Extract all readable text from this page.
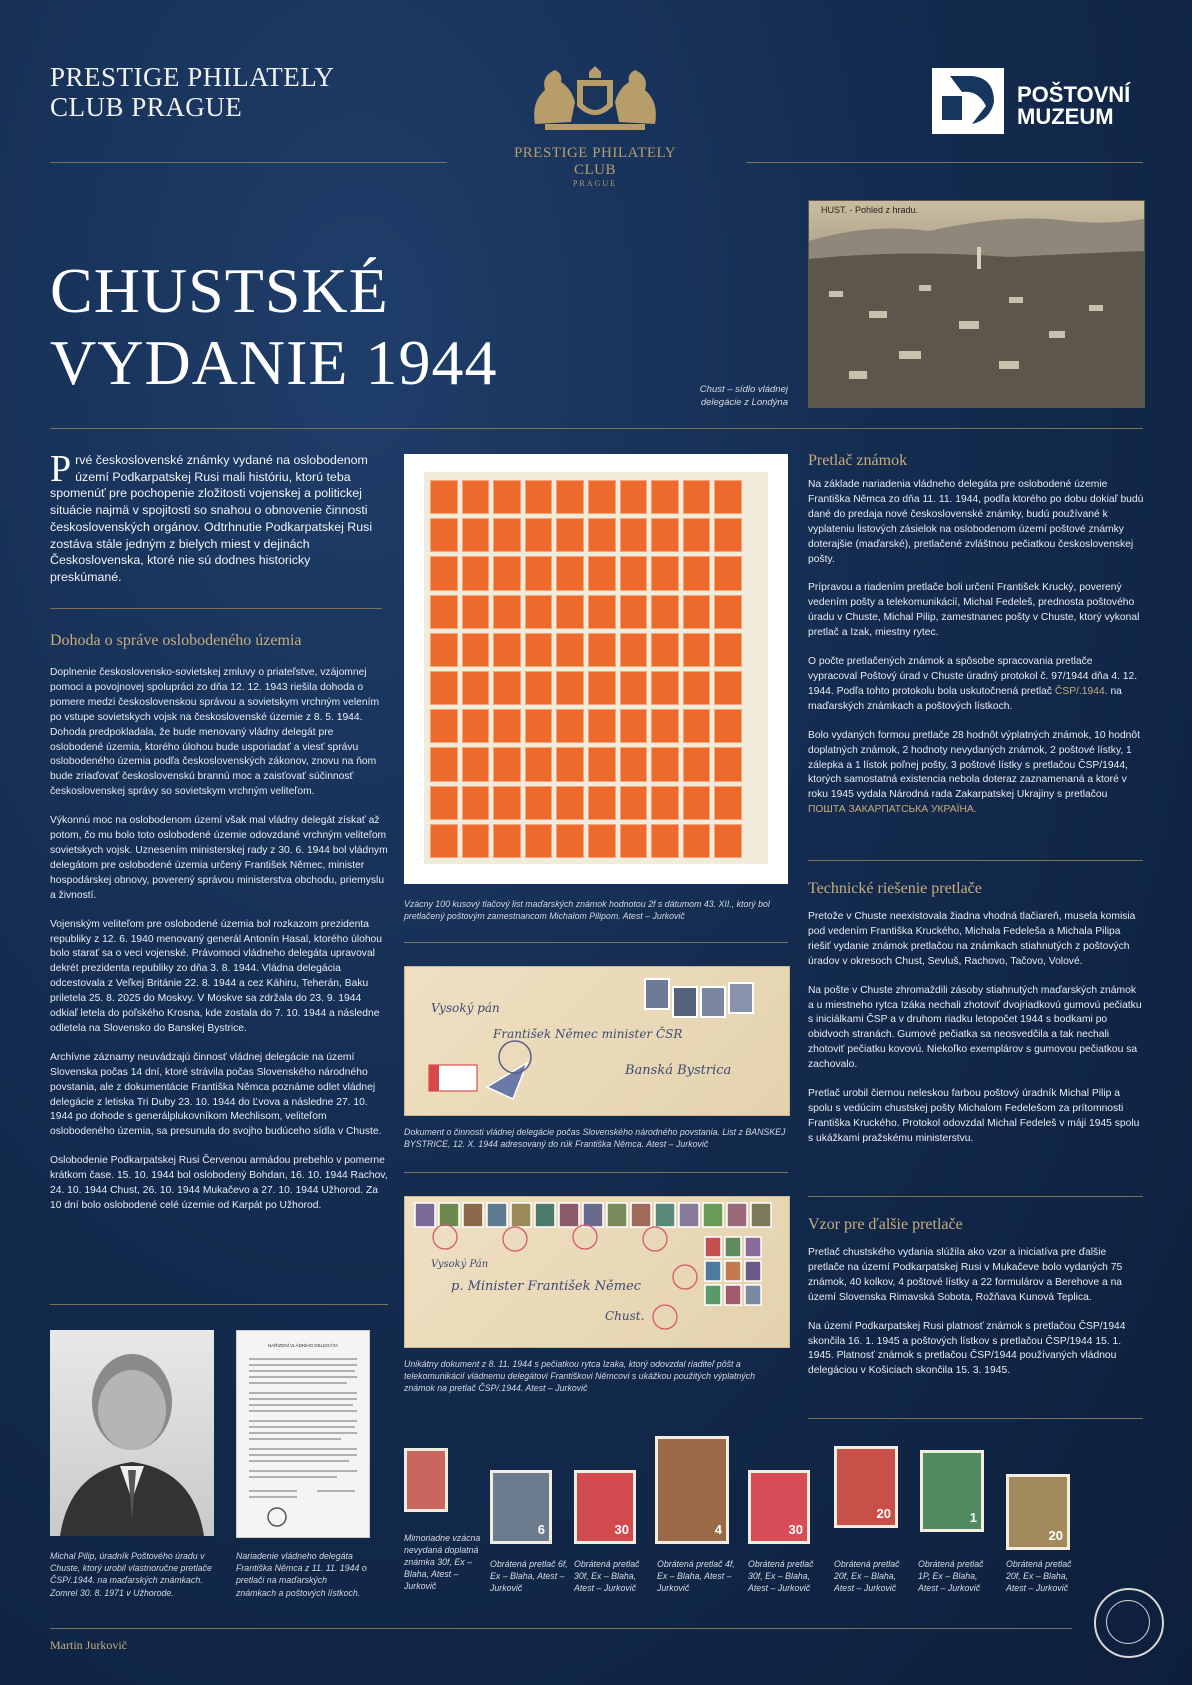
PRESTIGE PHILATELY
CLUB PRAGUE
PRESTIGE PHILATELY CLUB
PRAGUE
POŠTOVNÍ
MUZEUM
CHUSTSKÉ
VYDANIE 1944
HUST. - Pohled z hradu.
Chust – sídlo vládnej delegácie z Londýna
Prvé československé známky vydané na oslobodenom území Podkarpatskej Rusi mali históriu, ktorú teba spomenúť pre pochopenie zložitosti vojenskej a politickej situácie najmä v spojitosti so snahou o obnovenie činnosti československých orgánov. Odtrhnutie Podkarpatskej Rusi zostáva stále jedným z bielych miest v dejinách Československa, ktoré nie sú dodnes historicky preskúmané.
Dohoda o správe oslobodeného územia

Doplnenie československo-sovietskej zmluvy o priateľstve, vzájomnej pomoci a povojnovej spolupráci zo dňa 12. 12. 1943 riešila dohoda o pomere medzi československou správou a sovietskym vrchným velením po vstupe sovietskych vojsk na československé územie z 8. 5. 1944. Dohoda predpokladala, že bude menovaný vládny delegát pre oslobodené územia, ktorého úlohou bude usporiadať a viesť správu oslobodeného územia podľa československých zákonov, znovu na ňom bude zriaďovať československú brannú moc a zaisťovať súčinnosť československej správy so sovietskym vrchným veliteľom.

Výkonnú moc na oslobodenom území však mal vládny delegát získať až potom, čo mu bolo toto oslobodené územie odovzdané vrchným veliteľom sovietskych vojsk. Uznesením ministerskej rady z 30. 6. 1944 bol vládnym delegátom pre oslobodené územia určený František Němec, minister hospodárskej obnovy, poverený správou ministerstva obchodu, priemyslu a živností.

Vojenským veliteľom pre oslobodené územia bol rozkazom prezidenta republiky z 12. 6. 1940 menovaný generál Antonín Hasal, ktorého úlohou bolo starať sa o veci vojenské. Právomoci vládneho delegáta upravoval dekrét prezidenta republiky zo dňa 3. 8. 1944. Vládna delegácia odcestovala z Veľkej Británie 22. 8. 1944 a cez Káhiru, Teherán, Baku priletela 25. 8. 2025 do Moskvy. V Moskve sa zdržala do 23. 9. 1944 odkiaľ letela do poľského Krosna, kde zostala do 7. 10. 1944 a následne odletela na Slovensko do Banskej Bystrice.

Archívne záznamy neuvádzajú činnosť vládnej delegácie na území Slovenska počas 14 dní, ktoré strávila počas Slovenského národného povstania, ale z dokumentácie Františka Němca poznáme odlet vládnej delegácie z letiska Tri Duby 23. 10. 1944 do Ľvova a následne 27. 10. 1944 po dohode s generálplukovníkom Mechlisom, veliteľom oslobodeného územia, sa presunula do svojho budúceho sídla v Chuste.

Oslobodenie Podkarpatskej Rusi Červenou armádou prebehlo v pomerne krátkom čase. 15. 10. 1944 bol oslobodený Bohdan, 16. 10. 1944 Rachov, 24. 10. 1944 Chust, 26. 10. 1944 Mukačevo a 27. 10. 1944 Užhorod. Za 10 dní bolo oslobodené celé územie od Karpát po Užhorod.

Michal Pilip, úradník Poštového úradu v Chuste, ktorý urobil vlastnoručne pretlače ČSP/.1944. na maďarských známkach. Zomrel 30. 8. 1971 v Užhorode.
NAŘÍZENÍ VLÁDNÍHO DELEGÁTA
Nariadenie vládneho delegáta Františka Němca z 11. 11. 1944 o pretlači na maďarských známkach a poštových lístkoch.
Vzácny 100 kusový tlačový list maďarských známok hodnotou 2f s dátumom 43. XII., ktorý bol pretlačený poštovým zamestnancom Michalom Pilipom. Atest – Jurkovič
Vysoký pán
František Němec minister ČSR
Banská Bystrica
Dokument o činnosti vládnej delegácie počas Slovenského národného povstania. List z BANSKEJ BYSTRICE, 12. X. 1944 adresovaný do rúk Františka Němca. Atest – Jurkovič
Vysoký Pán
p. Minister František Němec
Chust.
Unikátny dokument z 8. 11. 1944 s pečiatkou rytca Izaka, ktorý odovzdal riaditeľ pôšt a telekomunikácií vládnemu delegátovi Františkovi Němcovi s ukážkou použitých výplatných známok na pretlač ČSP/.1944. Atest – Jurkovič
Pretlač známok

Na základe nariadenia vládneho delegáta pre oslobodené územie Františka Němca zo dňa 11. 11. 1944, podľa ktorého po dobu dokiaľ budú dané do predaja nové československé známky, budú používané k vyplateniu listových zásielok na oslobodenom území poštové známky doterajšie (maďarské), pretlačené zvláštnou pečiatkou československej pošty.

Prípravou a riadením pretlače boli určení František Krucký, poverený vedením pošty a telekomunikácií, Michal Fedeleš, prednosta poštového úradu v Chuste, Michal Pilip, zamestnanec pošty v Chuste, ktorý vykonal pretlač a Izak, miestny rytec.

O počte pretlačených známok a spôsobe spracovania pretlače vypracoval Poštový úrad v Chuste úradný protokol č. 97/1944 dňa 4. 12. 1944. Podľa tohto protokolu bola uskutočnená pretlač ČSP/.1944. na maďarských známkach a poštových lístkoch.

Bolo vydaných formou pretlače 28 hodnôt výplatných známok, 10 hodnôt doplatných známok, 2 hodnoty nevydaných známok, 2 poštové lístky, 1 zálepka a 1 lístok poľnej pošty, 3 poštové lístky s pretlačou ČSP/1944, ktorých samostatná existencia nebola doteraz zaznamenaná a ktoré v roku 1945 vydala Národná rada Zakarpatskej Ukrajiny s pretlačou ПОШТА ЗАКАРПАТСЬКА УКРАЇНА.

Technické riešenie pretlače

Pretože v Chuste neexistovala žiadna vhodná tlačiareň, musela komisia pod vedením Františka Kruckého, Michala Fedeleša a Michala Pilipa riešiť vydanie známok pretlačou na známkach stiahnutých z poštových úradov v okresoch Chust, Sevluš, Rachovo, Tačovo, Volové.

Na pošte v Chuste zhromaždili zásoby stiahnutých maďarských známok a u miestneho rytca Izáka nechali zhotoviť dvojriadkovú gumovú pečiatku s iniciálkami ČSP a v druhom riadku letopočet 1944 s bodkami po obidvoch stranách. Gumové pečiatka sa neosvedčila a tak nechali zhotoviť pečiatku kovovú. Niekoľko exemplárov s gumovou pečiatkou sa zachovalo.

Pretlač urobil čiernou neleskou farbou poštový úradník Michal Pilip a spolu s vedúcim chustskej pošty Michalom Fedelešom za prítomnosti Františka Kruckého. Protokol odovzdal Michal Fedeleš v máji 1945 spolu s ukážkami pražskému ministerstvu.

Vzor pre ďalšie pretlače

Pretlač chustského vydania slúžila ako vzor a iniciatíva pre ďalšie pretlače na území Podkarpatskej Rusi v Mukačeve bolo vydaných 75 známok, 40 kolkov, 4 poštové lístky a 22 formulárov a Berehove a na území Slovenska Rimavská Sobota, Rožňava Kunová Teplica.

Na území Podkarpatskej Rusi platnosť známok s pretlačou ČSP/1944 skončila 16. 1. 1945 a poštových lístkov s pretlačou ČSP/1944 15. 1. 1945. Platnosť známok s pretlačou ČSP/1944 používaných vládnou delegáciou v Košiciach skončila 15. 3. 1945.

Mimoriadne vzácna nevydaná doplatná známka 30f, Ex – Blaha, Atest – Jurkovič
6
Obrátená pretlač 6f, Ex – Blaha, Atest – Jurkovič
30
Obrátená pretlač 30f, Ex – Blaha, Atest – Jurkovič
4
Obrátená pretlač 4f, Ex – Blaha, Atest – Jurkovič
30
Obrátená pretlač 30f, Ex – Blaha, Atest – Jurkovič
20
Obrátená pretlač 20f, Ex – Blaha, Atest – Jurkovič
1
Obrátená pretlač 1P, Ex – Blaha, Atest – Jurkovič
20
Obrátená pretlač 20f, Ex – Blaha, Atest – Jurkovič
Martin Jurkovič
